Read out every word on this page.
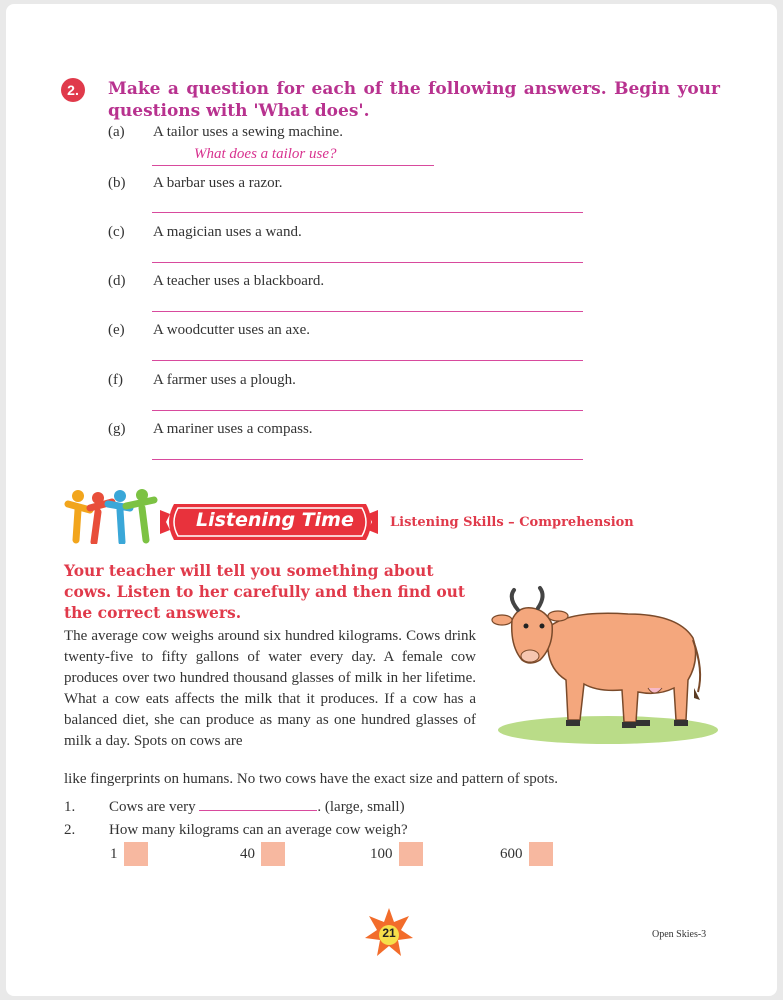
2.	Make a question for each of the following answers. Begin your questions with 'What does'.
(a) A tailor uses a sewing machine.
What does a tailor use?
(b) A barbar uses a razor.
(c) A magician uses a wand.
(d) A teacher uses a blackboard.
(e) A woodcutter uses an axe.
(f) A farmer uses a plough.
(g) A mariner uses a compass.
Listening Time	Listening Skills – Comprehension
Your teacher will tell you something about cows. Listen to her carefully and then find out the correct answers.
The average cow weighs around six hundred kilograms. Cows drink twenty-five to fifty gallons of water every day. A female cow produces over two hundred thousand glasses of milk in her lifetime. What a cow eats affects the milk that it produces. If a cow has a balanced diet, she can produce as many as one hundred glasses of milk a day. Spots on cows are
like fingerprints on humans. No two cows have the exact size and pattern of spots.
1. Cows are very	. (large, small)
2. How many kilograms can an average cow weigh?
1	40	100	600
21	Open Skies-3
